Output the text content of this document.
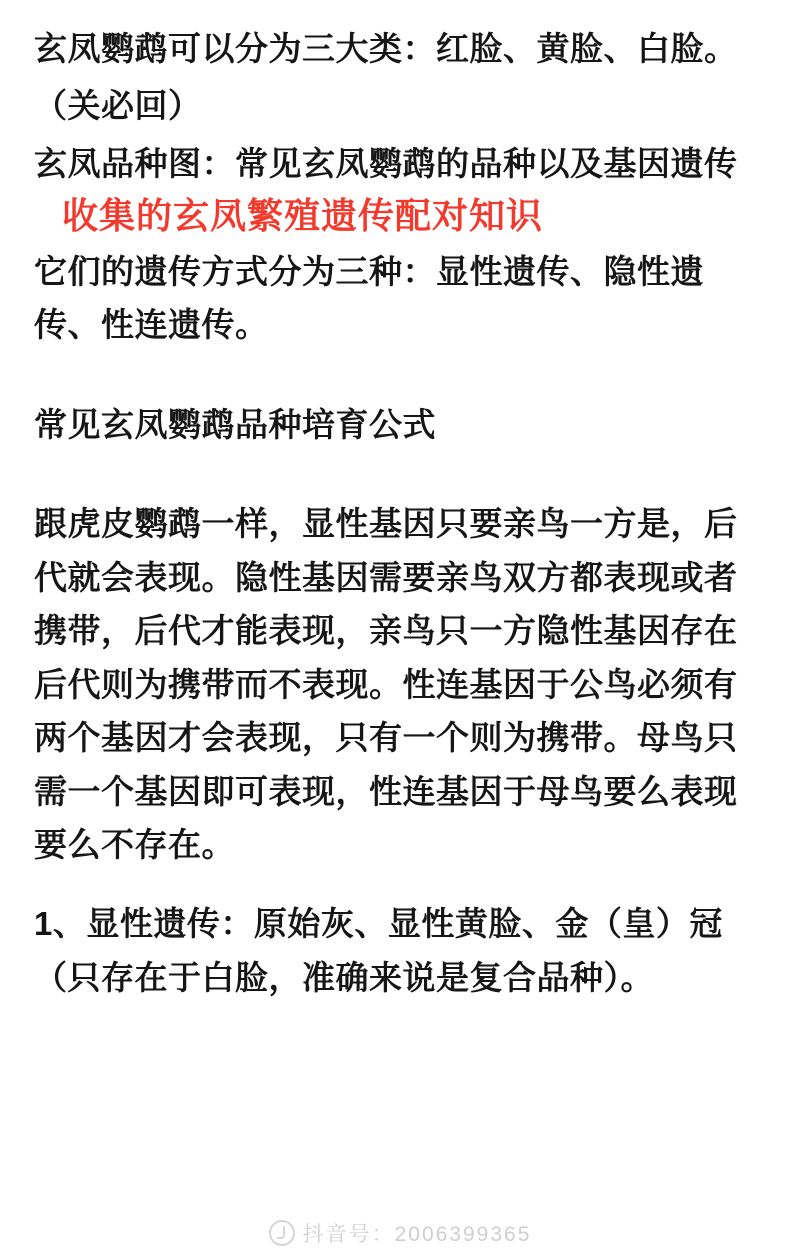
玄凤鹦鹉可以分为三大类：红脸、黄脸、白脸。

（关必回）

玄凤品种图：常见玄凤鹦鹉的品种以及基因遗传

收集的玄凤繁殖遗传配对知识

它们的遗传方式分为三种：显性遗传、隐性遗传、性连遗传。

常见玄凤鹦鹉品种培育公式

跟虎皮鹦鹉一样，显性基因只要亲鸟一方是，后代就会表现。隐性基因需要亲鸟双方都表现或者携带，后代才能表现，亲鸟只一方隐性基因存在后代则为携带而不表现。性连基因于公鸟必须有两个基因才会表现，只有一个则为携带。母鸟只需一个基因即可表现，性连基因于母鸟要么表现要么不存在。

1、显性遗传：原始灰、显性黄脸、金（皇）冠（只存在于白脸，准确来说是复合品种）。

抖音号：2006399365
